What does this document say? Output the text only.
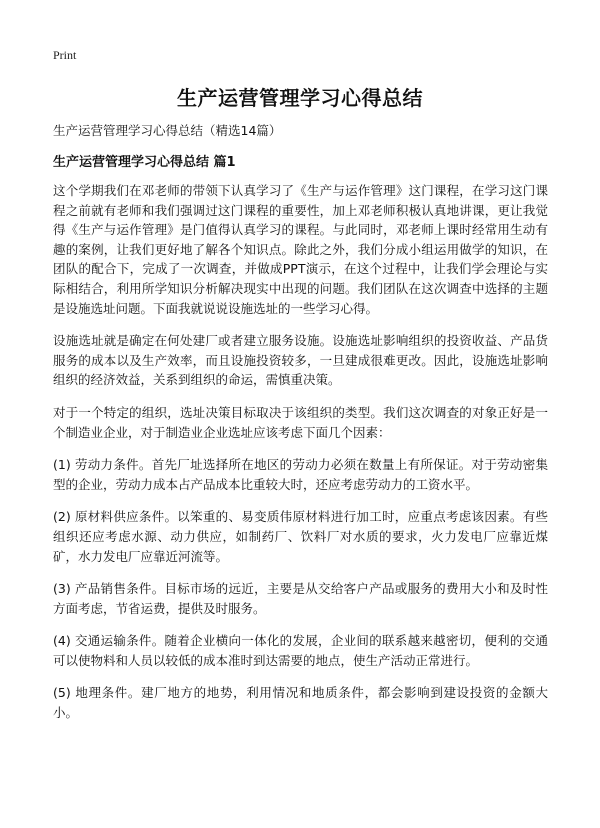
Print
生产运营管理学习心得总结

生产运营管理学习心得总结（精选14篇）

生产运营管理学习心得总结 篇1

这个学期我们在邓老师的带领下认真学习了《生产与运作管理》这门课程，在学习这门课程之前就有老师和我们强调过这门课程的重要性，加上邓老师积极认真地讲课，更让我觉得《生产与运作管理》是门值得认真学习的课程。与此同时，邓老师上课时经常用生动有趣的案例，让我们更好地了解各个知识点。除此之外，我们分成小组运用做学的知识，在团队的配合下，完成了一次调查，并做成PPT演示，在这个过程中，让我们学会理论与实际相结合，利用所学知识分析解决现实中出现的问题。我们团队在这次调查中选择的主题是设施选址问题。下面我就说说设施选址的一些学习心得。

设施选址就是确定在何处建厂或者建立服务设施。设施选址影响组织的投资收益、产品货服务的成本以及生产效率，而且设施投资较多，一旦建成很难更改。因此，设施选址影响组织的经济效益，关系到组织的命运，需慎重决策。

对于一个特定的组织，选址决策目标取决于该组织的类型。我们这次调查的对象正好是一个制造业企业，对于制造业企业选址应该考虑下面几个因素：

(1) 劳动力条件。首先厂址选择所在地区的劳动力必须在数量上有所保证。对于劳动密集型的企业，劳动力成本占产品成本比重较大时，还应考虑劳动力的工资水平。

(2) 原材料供应条件。以笨重的、易变质伟原材料进行加工时，应重点考虑该因素。有些组织还应考虑水源、动力供应，如制药厂、饮料厂对水质的要求，火力发电厂应靠近煤矿，水力发电厂应靠近河流等。

(3) 产品销售条件。目标市场的远近，主要是从交给客户产品或服务的费用大小和及时性方面考虑，节省运费，提供及时服务。

(4) 交通运输条件。随着企业横向一体化的发展，企业间的联系越来越密切，便利的交通可以使物料和人员以较低的成本准时到达需要的地点，使生产活动正常进行。

(5) 地理条件。建厂地方的地势，利用情况和地质条件，都会影响到建设投资的金额大小。
